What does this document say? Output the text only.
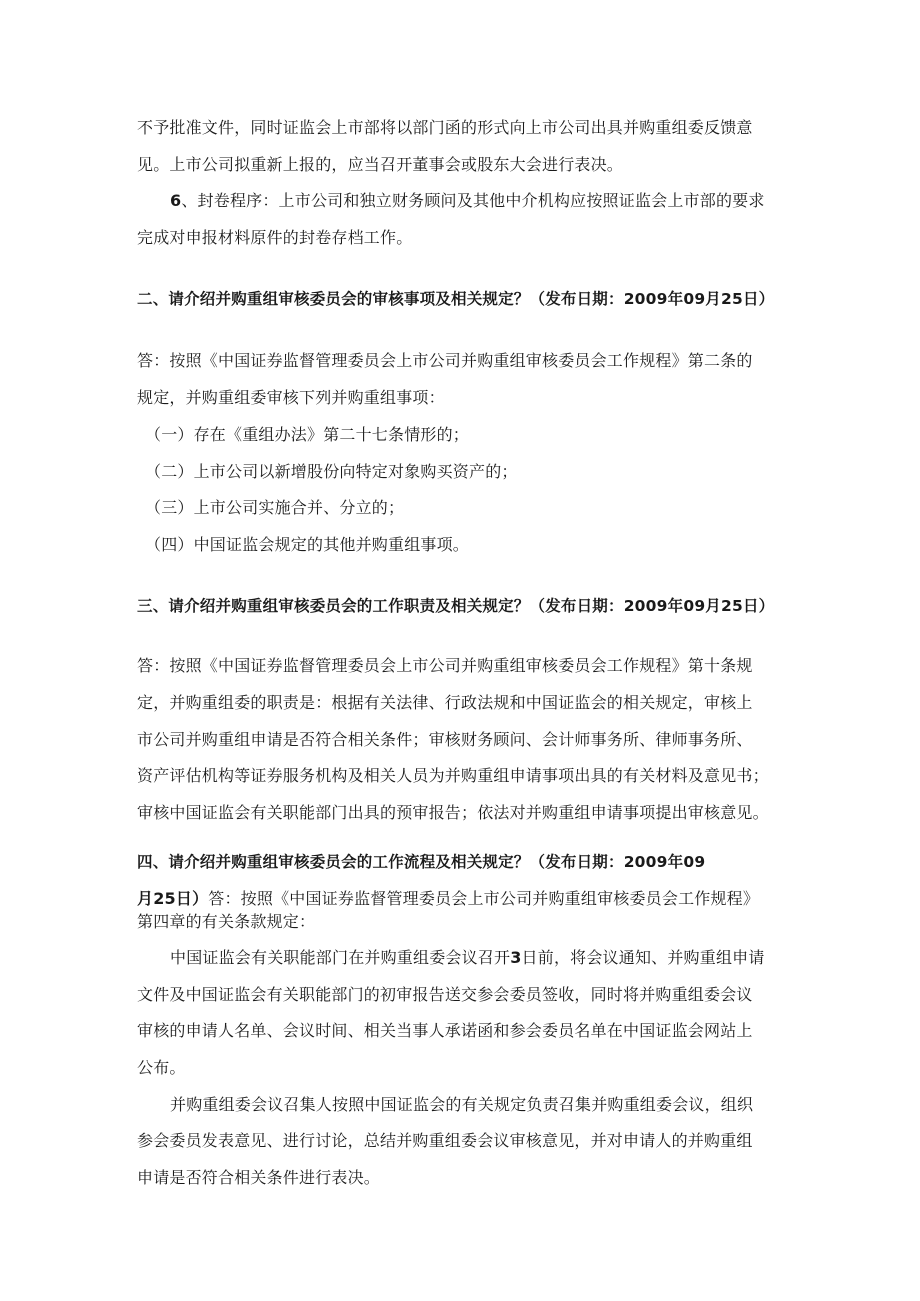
不予批准文件，同时证监会上市部将以部门函的形式向上市公司出具并购重组委反馈意
见。上市公司拟重新上报的，应当召开董事会或股东大会进行表决。
6、封卷程序：上市公司和独立财务顾问及其他中介机构应按照证监会上市部的要求
完成对申报材料原件的封卷存档工作。
二、请介绍并购重组审核委员会的审核事项及相关规定？（发布日期：2009年09月25日）
答：按照《中国证券监督管理委员会上市公司并购重组审核委员会工作规程》第二条的
规定，并购重组委审核下列并购重组事项：
（一）存在《重组办法》第二十七条情形的；
（二）上市公司以新增股份向特定对象购买资产的；
（三）上市公司实施合并、分立的；
（四）中国证监会规定的其他并购重组事项。
三、请介绍并购重组审核委员会的工作职责及相关规定？（发布日期：2009年09月25日）
答：按照《中国证券监督管理委员会上市公司并购重组审核委员会工作规程》第十条规
定，并购重组委的职责是：根据有关法律、行政法规和中国证监会的相关规定，审核上
市公司并购重组申请是否符合相关条件；审核财务顾问、会计师事务所、律师事务所、
资产评估机构等证券服务机构及相关人员为并购重组申请事项出具的有关材料及意见书；
审核中国证监会有关职能部门出具的预审报告；依法对并购重组申请事项提出审核意见。
四、请介绍并购重组审核委员会的工作流程及相关规定？（发布日期：2009年09
月25日）答：按照《中国证券监督管理委员会上市公司并购重组审核委员会工作规程》
第四章的有关条款规定：
中国证监会有关职能部门在并购重组委会议召开3日前，将会议通知、并购重组申请
文件及中国证监会有关职能部门的初审报告送交参会委员签收，同时将并购重组委会议
审核的申请人名单、会议时间、相关当事人承诺函和参会委员名单在中国证监会网站上
公布。
并购重组委会议召集人按照中国证监会的有关规定负责召集并购重组委会议，组织
参会委员发表意见、进行讨论，总结并购重组委会议审核意见，并对申请人的并购重组
申请是否符合相关条件进行表决。
